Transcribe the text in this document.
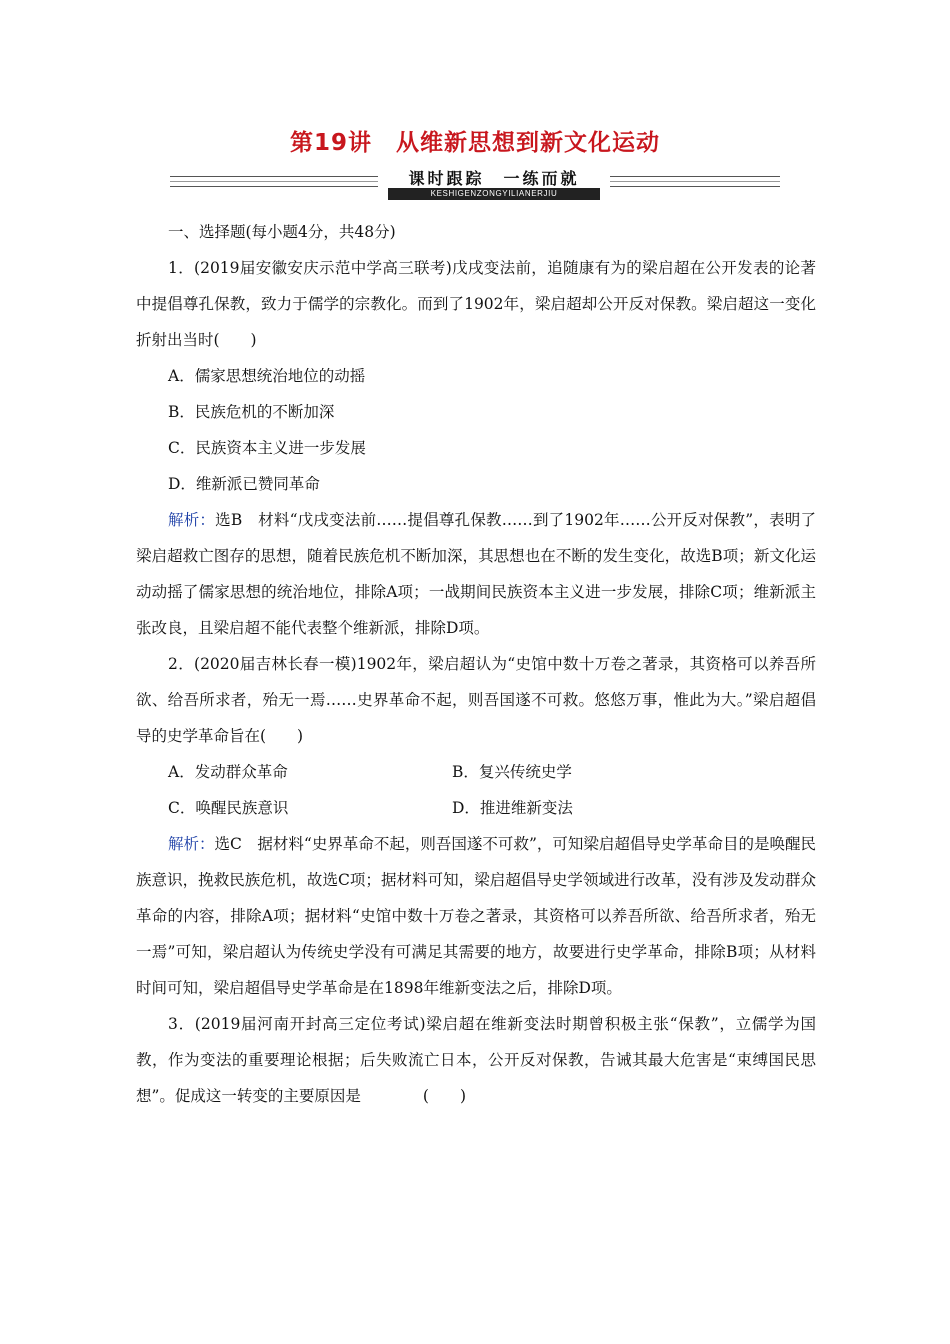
第19讲　从维新思想到新文化运动
课时跟踪　一练而就
KESHIGENZONGYILIANERJIU

一、选择题(每小题4分，共48分)

1．(2019届安徽安庆示范中学高三联考)戊戌变法前，追随康有为的梁启超在公开发表的论著中提倡尊孔保教，致力于儒学的宗教化。而到了1902年，梁启超却公开反对保教。梁启超这一变化折射出当时(　　)

A．儒家思想统治地位的动摇
B．民族危机的不断加深
C．民族资本主义进一步发展
D．维新派已赞同革命

解析：选B　材料“戊戌变法前……提倡尊孔保教……到了1902年……公开反对保教”，表明了梁启超救亡图存的思想，随着民族危机不断加深，其思想也在不断的发生变化，故选B项；新文化运动动摇了儒家思想的统治地位，排除A项；一战期间民族资本主义进一步发展，排除C项；维新派主张改良，且梁启超不能代表整个维新派，排除D项。

2．(2020届吉林长春一模)1902年，梁启超认为“史馆中数十万卷之著录，其资格可以养吾所欲、给吾所求者，殆无一焉……史界革命不起，则吾国遂不可救。悠悠万事，惟此为大。”梁启超倡导的史学革命旨在(　　)

A．发动群众革命	B．复兴传统史学
C．唤醒民族意识	D．推进维新变法

解析：选C　据材料“史界革命不起，则吾国遂不可救”，可知梁启超倡导史学革命目的是唤醒民族意识，挽救民族危机，故选C项；据材料可知，梁启超倡导史学领域进行改革，没有涉及发动群众革命的内容，排除A项；据材料“史馆中数十万卷之著录，其资格可以养吾所欲、给吾所求者，殆无一焉”可知，梁启超认为传统史学没有可满足其需要的地方，故要进行史学革命，排除B项；从材料时间可知，梁启超倡导史学革命是在1898年维新变法之后，排除D项。

3．(2019届河南开封高三定位考试)梁启超在维新变法时期曾积极主张“保教”，立儒学为国教，作为变法的重要理论根据；后失败流亡日本，公开反对保教，告诫其最大危害是“束缚国民思想”。促成这一转变的主要原因是　　　　(　　)
